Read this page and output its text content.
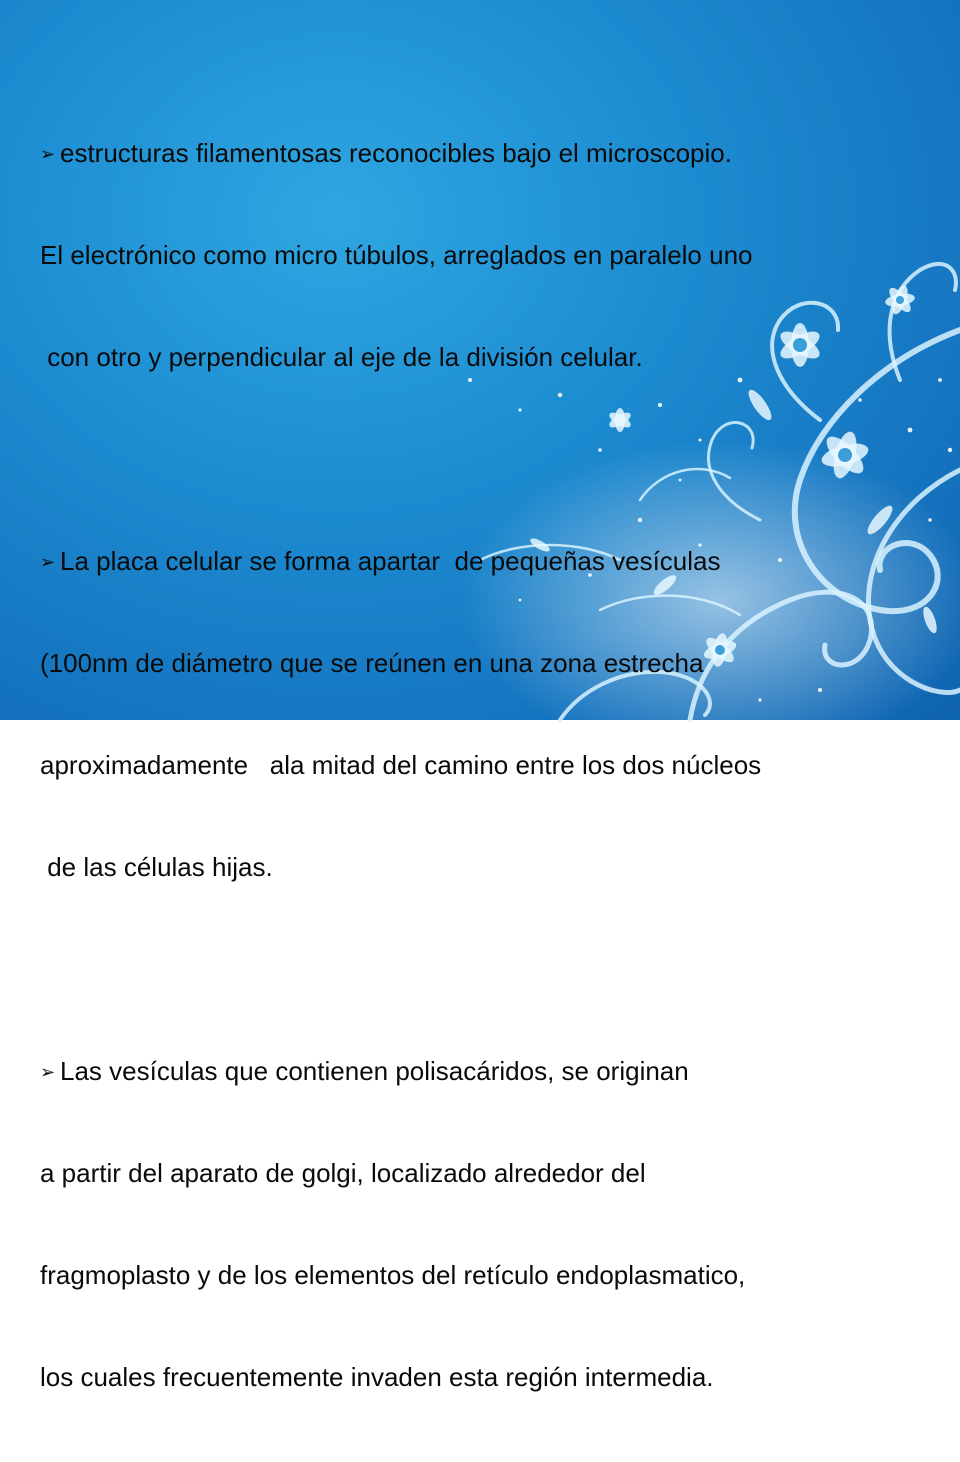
➢ estructuras filamentosas reconocibles bajo el microscopio.

El electrónico como micro túbulos, arreglados en paralelo uno

con otro y perpendicular al eje de la división celular.

➢ La placa celular se forma apartar  de pequeñas vesículas

(100nm de diámetro que se reúnen en una zona estrecha

aproximadamente   ala mitad del camino entre los dos núcleos

de las células hijas.

➢ Las vesículas que contienen polisacáridos, se originan

a partir del aparato de golgi, localizado alrededor del

fragmoplasto y de los elementos del retículo endoplasmatico,

los cuales frecuentemente invaden esta región intermedia.
